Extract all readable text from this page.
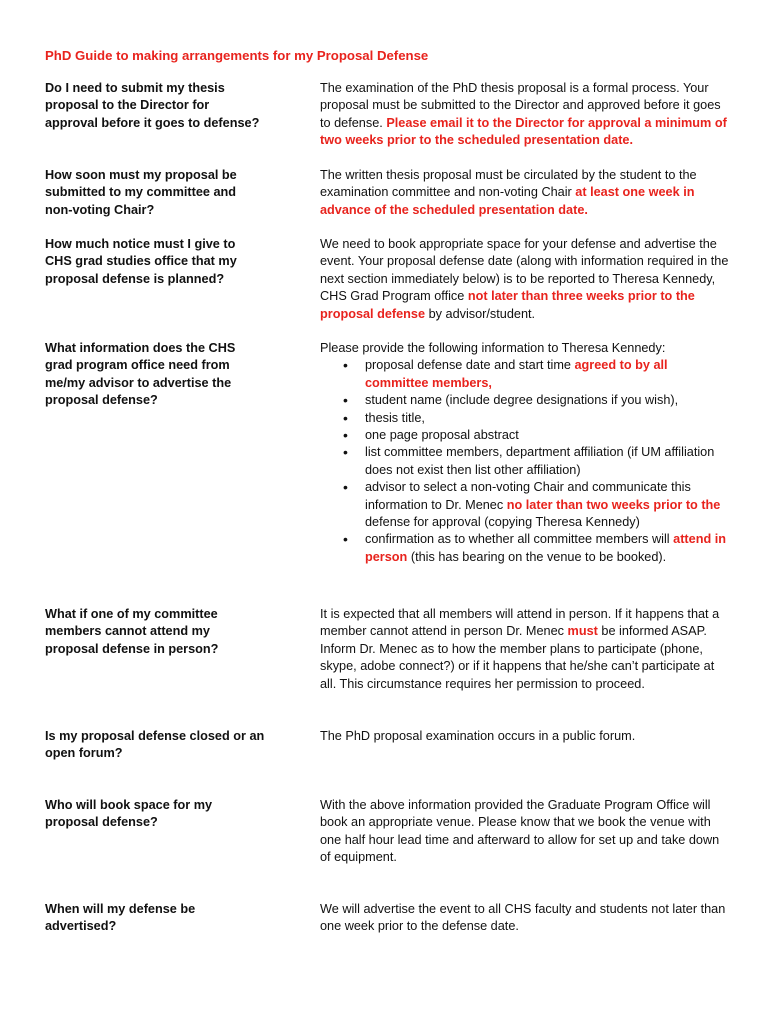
PhD Guide to making arrangements for my Proposal Defense
Do I need to submit my thesis proposal to the Director for approval before it goes to defense?
The examination of the PhD thesis proposal is a formal process. Your proposal must be submitted to the Director and approved before it goes to defense. Please email it to the Director for approval a minimum of two weeks prior to the scheduled presentation date.
How soon must my proposal be submitted to my committee and non-voting Chair?
The written thesis proposal must be circulated by the student to the examination committee and non-voting Chair at least one week in advance of the scheduled presentation date.
How much notice must I give to CHS grad studies office that my proposal defense is planned?
We need to book appropriate space for your defense and advertise the event. Your proposal defense date (along with information required in the next section immediately below) is to be reported to Theresa Kennedy, CHS Grad Program office not later than three weeks prior to the proposal defense by advisor/student.
What information does the CHS grad program office need from me/my advisor to advertise the proposal defense?
Please provide the following information to Theresa Kennedy:
• proposal defense date and start time agreed to by all committee members,
• student name (include degree designations if you wish),
• thesis title,
• one page proposal abstract
• list committee members, department affiliation (if UM affiliation does not exist then list other affiliation)
• advisor to select a non-voting Chair and communicate this information to Dr. Menec no later than two weeks prior to the defense for approval (copying Theresa Kennedy)
• confirmation as to whether all committee members will attend in person (this has bearing on the venue to be booked).
What if one of my committee members cannot attend my proposal defense in person?
It is expected that all members will attend in person. If it happens that a member cannot attend in person Dr. Menec must be informed ASAP. Inform Dr. Menec as to how the member plans to participate (phone, skype, adobe connect?) or if it happens that he/she can’t participate at all. This circumstance requires her permission to proceed.
Is my proposal defense closed or an open forum?
The PhD proposal examination occurs in a public forum.
Who will book space for my proposal defense?
With the above information provided the Graduate Program Office will book an appropriate venue. Please know that we book the venue with one half hour lead time and afterward to allow for set up and take down of equipment.
When will my defense be advertised?
We will advertise the event to all CHS faculty and students not later than one week prior to the defense date.
